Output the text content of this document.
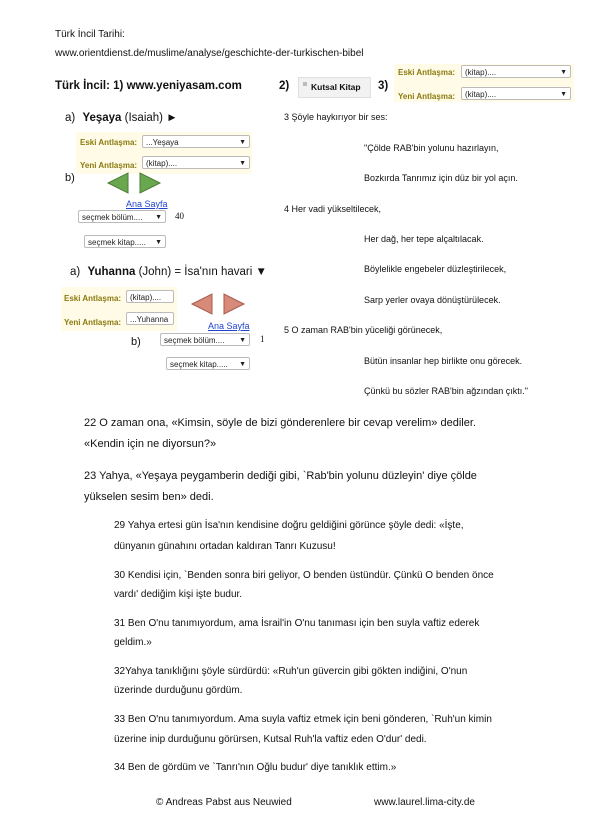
Türk İncil Tarihi:
www.orientdienst.de/muslime/analyse/geschichte-der-turkischen-bibel
Türk İncil: 1) www.yeniyasam.com	2)	Kutsal Kitap 3)
Eski Antlaşma:	(kitap)....	▼
Yeni Antlaşma:	(kitap)....	▼
a) Yeşaya (Isaiah) ►
Eski Antlaşma:	...Yeşaya	▼
Yeni Antlaşma:	(kitap)....	▼
b)
Ana Sayfa
seçmek bölüm.... ▼ 40
seçmek kitap..... ▼
a) Yuhanna (John) = İsa'nın havari ▼
Eski Antlaşma:	(kitap)....
Yeni Antlaşma:	...Yuhanna
Ana Sayfa
b)	seçmek bölüm.... ▼ 1
seçmek kitap..... ▼
3 Şöyle haykırıyor bir ses:
"Çölde RAB'bin yolunu hazırlayın,
Bozkırda Tanrımız için düz bir yol açın.
4 Her vadi yükseltilecek,
Her dağ, her tepe alçaltılacak.
Böylelikle engebeler düzleştirilecek,
Sarp yerler ovaya dönüştürülecek.
5 O zaman RAB'bin yüceliği görünecek,
Bütün insanlar hep birlikte onu görecek.
Çünkü bu sözler RAB'bin ağzından çıktı."
22 O zaman ona, «Kimsin, söyle de bizi gönderenlere bir cevap verelim» dediler.
«Kendin için ne diyorsun?»
23 Yahya, «Yeşaya peygamberin dediği gibi, `Rab'bin yolunu düzleyin' diye çölde
yükselen sesim ben» dedi.
29 Yahya ertesi gün İsa'nın kendisine doğru geldiğini görünce şöyle dedi: «İşte,
dünyanın günahını ortadan kaldıran Tanrı Kuzusu!
30 Kendisi için, `Benden sonra biri geliyor, O benden üstündür. Çünkü O benden önce
vardı' dediğim kişi işte budur.
31 Ben O'nu tanımıyordum, ama İsrail'in O'nu tanıması için ben suyla vaftiz ederek
geldim.»
32Yahya tanıklığını şöyle sürdürdü: «Ruh'un güvercin gibi gökten indiğini, O'nun
üzerinde durduğunu gördüm.
33 Ben O'nu tanımıyordum. Ama suyla vaftiz etmek için beni gönderen, `Ruh'un kimin
üzerine inip durduğunu görürsen, Kutsal Ruh'la vaftiz eden O'dur' dedi.
34 Ben de gördüm ve `Tanrı'nın Oğlu budur' diye tanıklık ettim.»
© Andreas Pabst aus Neuwied	www.laurel.lima-city.de
